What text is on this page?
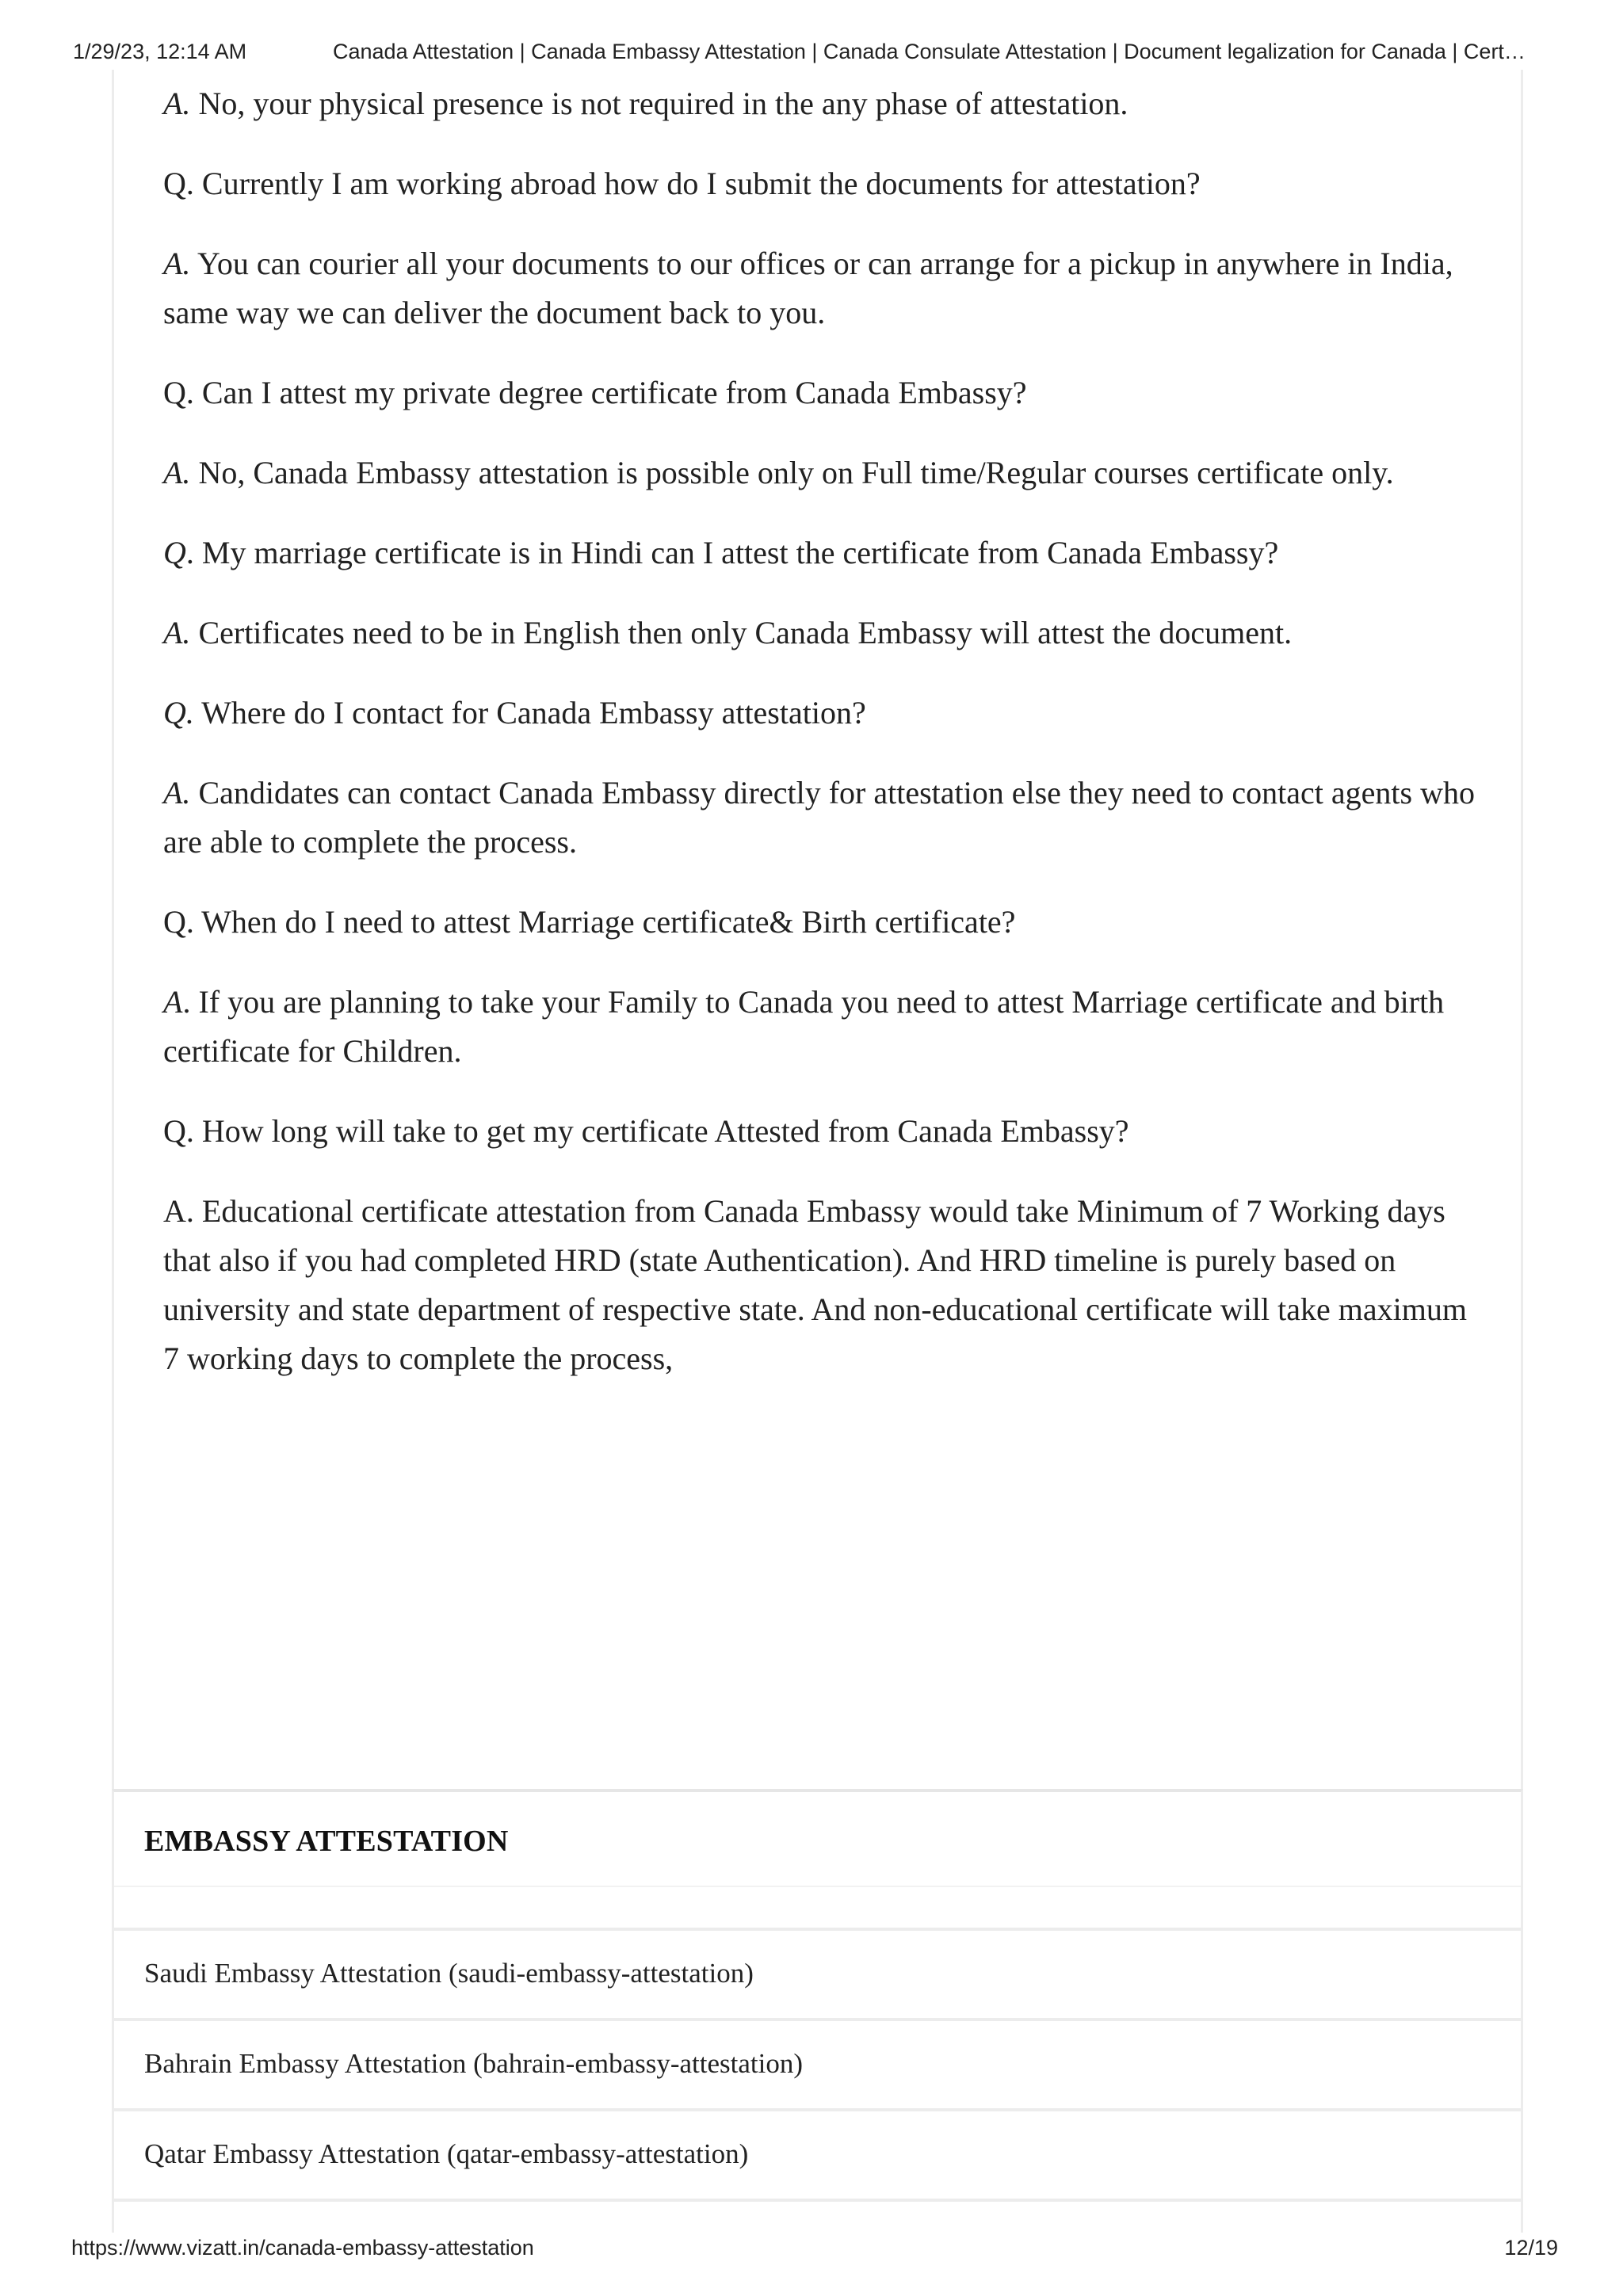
1/29/23, 12:14 AM	Canada Attestation | Canada Embassy Attestation | Canada Consulate Attestation | Document legalization for Canada | Cert…

A. No, your physical presence is not required in the any phase of attestation.

Q. Currently I am working abroad how do I submit the documents for attestation?

A. You can courier all your documents to our offices or can arrange for a pickup in anywhere in India, same way we can deliver the document back to you.

Q. Can I attest my private degree certificate from Canada Embassy?

A. No, Canada Embassy attestation is possible only on Full time/Regular courses certificate only.

Q. My marriage certificate is in Hindi can I attest the certificate from Canada Embassy?

A. Certificates need to be in English then only Canada Embassy will attest the document.

Q. Where do I contact for Canada Embassy attestation?

A. Candidates can contact Canada Embassy directly for attestation else they need to contact agents who are able to complete the process.

Q. When do I need to attest Marriage certificate& Birth certificate?

A. If you are planning to take your Family to Canada you need to attest Marriage certificate and birth certificate for Children.

Q. How long will take to get my certificate Attested from Canada Embassy?

A. Educational certificate attestation from Canada Embassy would take Minimum of 7 Working days that also if you had completed HRD (state Authentication). And HRD timeline is purely based on university and state department of respective state. And non-educational certificate will take maximum 7 working days to complete the process,

EMBASSY ATTESTATION
Saudi Embassy Attestation (saudi-embassy-attestation)
Bahrain Embassy Attestation (bahrain-embassy-attestation)
Qatar Embassy Attestation (qatar-embassy-attestation)
https://www.vizatt.in/canada-embassy-attestation	12/19
